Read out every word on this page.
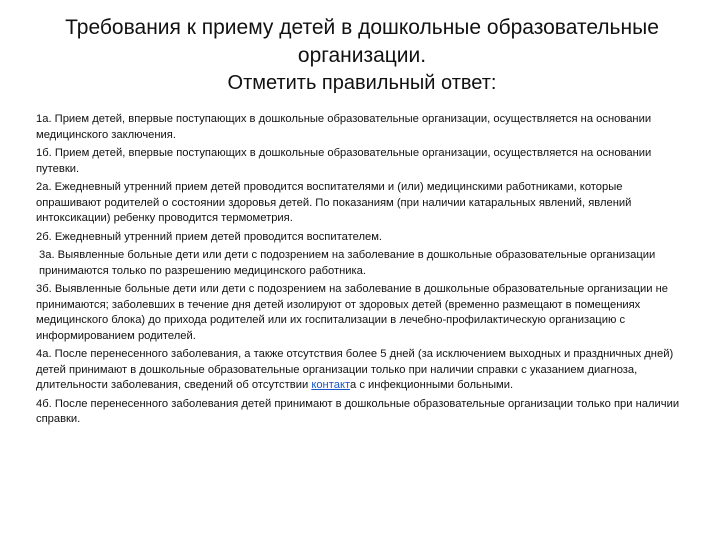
Требования к приему детей в дошкольные образовательные
организации.
Отметить правильный ответ:

1а. Прием детей, впервые поступающих в дошкольные образовательные организации, осуществляется на основании медицинского заключения.

1б. Прием детей, впервые поступающих в дошкольные образовательные организации, осуществляется на основании путевки.

2а. Ежедневный утренний прием детей проводится воспитателями и (или) медицинскими работниками, которые опрашивают родителей о состоянии здоровья детей. По показаниям (при наличии катаральных явлений, явлений интоксикации) ребенку проводится термометрия.

2б. Ежедневный утренний прием детей проводится воспитателем.

3а. Выявленные больные дети или дети с подозрением на заболевание в дошкольные образовательные организации принимаются только по разрешению медицинского работника.

3б. Выявленные больные дети или дети с подозрением на заболевание в дошкольные образовательные организации не принимаются; заболевших в течение дня детей изолируют от здоровых детей (временно размещают в помещениях медицинского блока) до прихода родителей или их госпитализации в лечебно-профилактическую организацию с информированием родителей.

4а. После перенесенного заболевания, а также отсутствия более 5 дней (за исключением выходных и праздничных дней) детей принимают в дошкольные образовательные организации только при наличии справки с указанием диагноза, длительности заболевания, сведений об отсутствии контакта с инфекционными больными.

4б. После перенесенного заболевания детей принимают в дошкольные образовательные организации только при наличии справки.
